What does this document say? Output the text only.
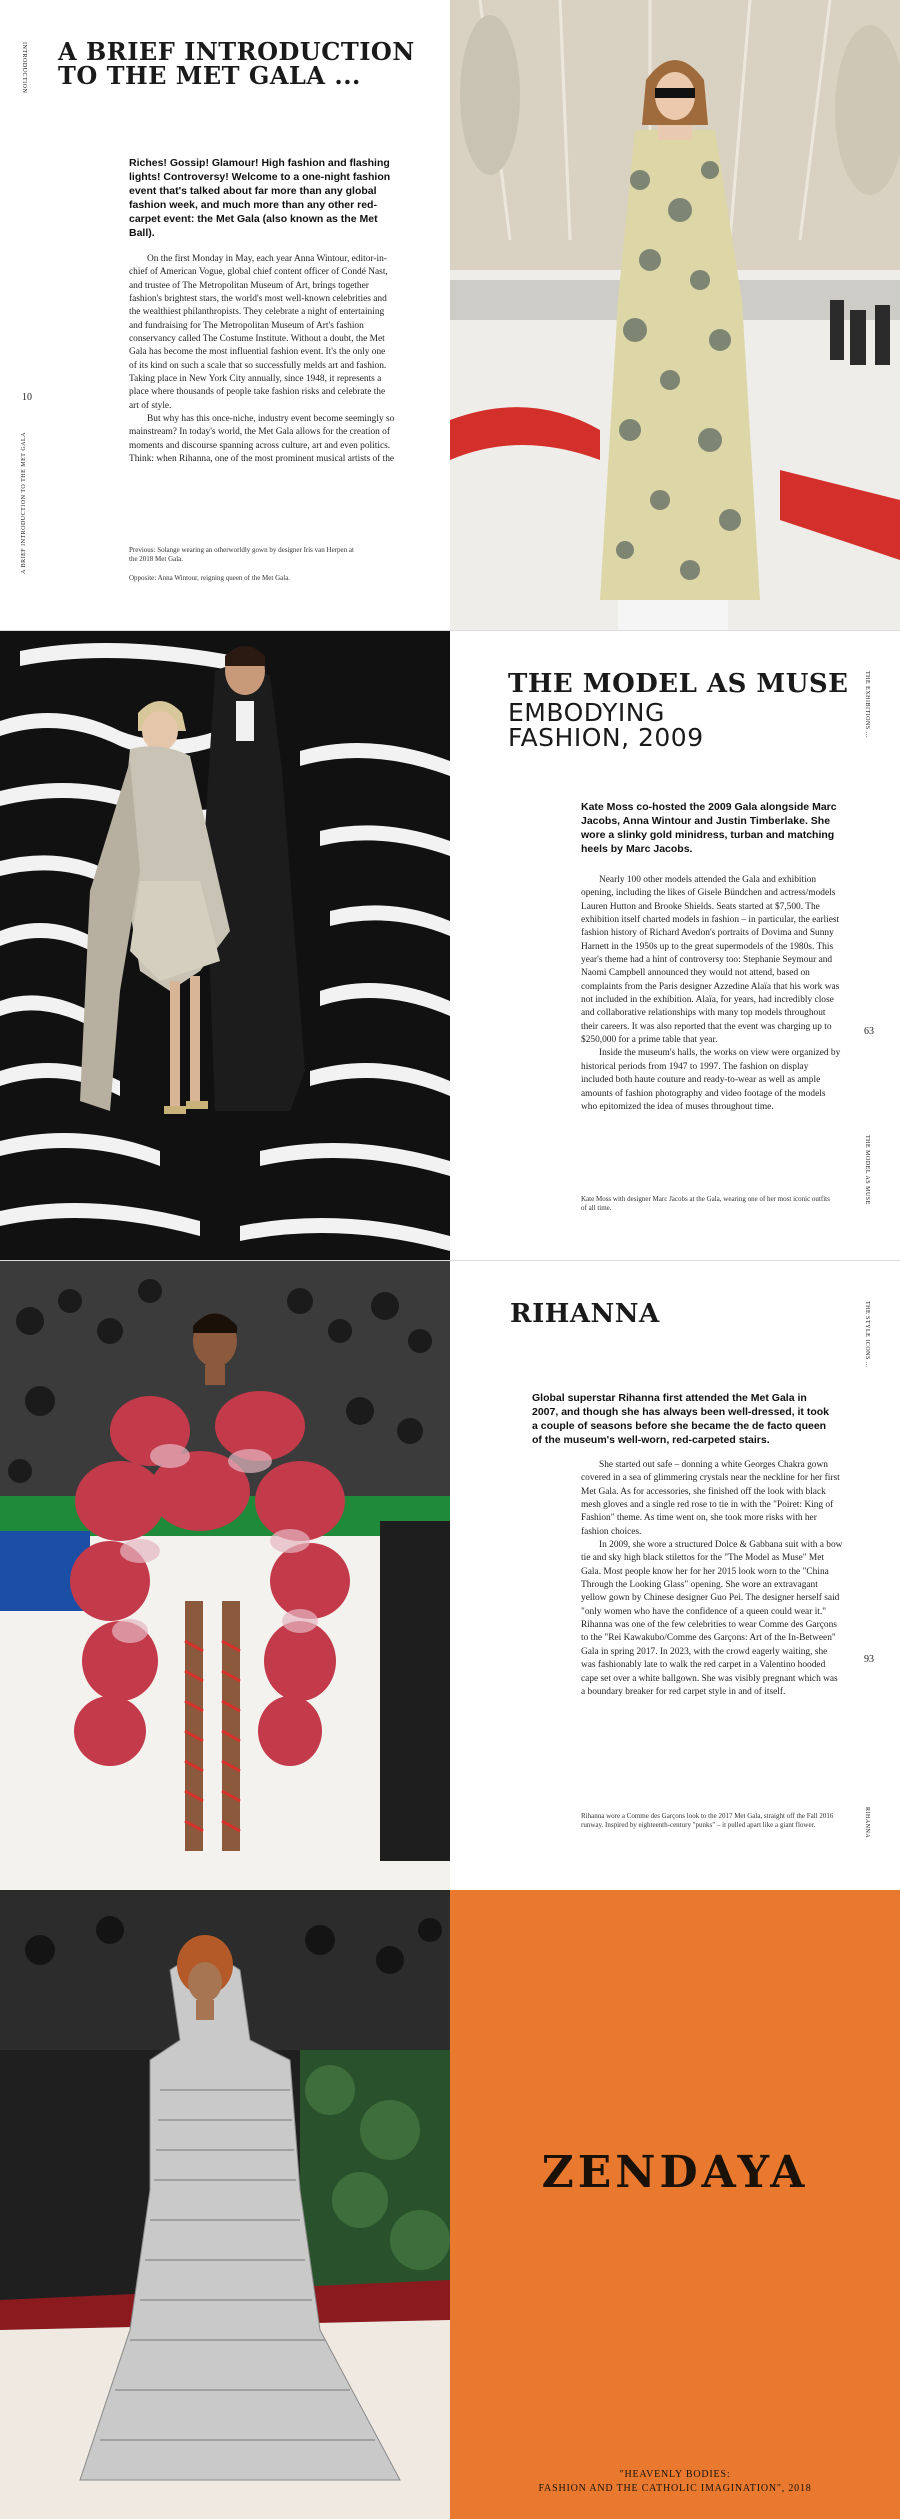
INTRODUCTION
A BRIEF INTRODUCTION TO THE MET GALA
10
A BRIEF INTRODUCTION
TO THE MET GALA ...
Riches! Gossip! Glamour! High fashion and flashing lights! Controversy! Welcome to a one-night fashion event that's talked about far more than any global fashion week, and much more than any other red-carpet event: the Met Gala (also known as the Met Ball).

On the first Monday in May, each year Anna Wintour, editor-in-chief of American Vogue, global chief content officer of Condé Nast, and trustee of The Metropolitan Museum of Art, brings together fashion's brightest stars, the world's most well-known celebrities and the wealthiest philanthropists. They celebrate a night of entertaining and fundraising for The Metropolitan Museum of Art's fashion conservancy called The Costume Institute. Without a doubt, the Met Gala has become the most influential fashion event. It's the only one of its kind on such a scale that so successfully melds art and fashion. Taking place in New York City annually, since 1948, it represents a place where thousands of people take fashion risks and celebrate the art of style.

But why has this once-niche, industry event become seemingly so mainstream? In today's world, the Met Gala allows for the creation of moments and discourse spanning across culture, art and even politics. Think: when Rihanna, one of the most prominent musical artists of the

Previous: Solange wearing an otherworldly gown by designer Iris van Herpen at the 2018 Met Gala.
Opposite: Anna Wintour, reigning queen of the Met Gala.
THE MODEL AS MUSE
EMBODYING
FASHION, 2009
Kate Moss co-hosted the 2009 Gala alongside Marc Jacobs, Anna Wintour and Justin Timberlake. She wore a slinky gold minidress, turban and matching heels by Marc Jacobs.

Nearly 100 other models attended the Gala and exhibition opening, including the likes of Gisele Bündchen and actress/models Lauren Hutton and Brooke Shields. Seats started at $7,500. The exhibition itself charted models in fashion – in particular, the earliest fashion history of Richard Avedon's portraits of Dovima and Sunny Harnett in the 1950s up to the great supermodels of the 1980s. This year's theme had a hint of controversy too: Stephanie Seymour and Naomi Campbell announced they would not attend, based on complaints from the Paris designer Azzedine Alaïa that his work was not included in the exhibition. Alaïa, for years, had incredibly close and collaborative relationships with many top models throughout their careers. It was also reported that the event was charging up to $250,000 for a prime table that year.

Inside the museum's halls, the works on view were organized by historical periods from 1947 to 1997. The fashion on display included both haute couture and ready-to-wear as well as ample amounts of fashion photography and video footage of the models who epitomized the idea of muses throughout time.

Kate Moss with designer Marc Jacobs at the Gala, wearing one of her most iconic outfits of all time.
THE EXHIBITIONS ...
63
THE MODEL AS MUSE
RIHANNA
Global superstar Rihanna first attended the Met Gala in 2007, and though she has always been well-dressed, it took a couple of seasons before she became the de facto queen of the museum's well-worn, red-carpeted stairs.

She started out safe – donning a white Georges Chakra gown covered in a sea of glimmering crystals near the neckline for her first Met Gala. As for accessories, she finished off the look with black mesh gloves and a single red rose to tie in with the "Poiret: King of Fashion" theme. As time went on, she took more risks with her fashion choices.

In 2009, she wore a structured Dolce & Gabbana suit with a bow tie and sky high black stilettos for the "The Model as Muse" Met Gala. Most people know her for her 2015 look worn to the "China Through the Looking Glass" opening. She wore an extravagant yellow gown by Chinese designer Guo Pei. The designer herself said "only women who have the confidence of a queen could wear it." Rihanna was one of the few celebrities to wear Comme des Garçons to the "Rei Kawakubo/Comme des Garçons: Art of the In-Between" Gala in spring 2017. In 2023, with the crowd eagerly waiting, she was fashionably late to walk the red carpet in a Valentino hooded cape set over a white ballgown. She was visibly pregnant which was a boundary breaker for red carpet style in and of itself.

Rihanna wore a Comme des Garçons look to the 2017 Met Gala, straight off the Fall 2016 runway. Inspired by eighteenth-century "punks" – it pulled apart like a giant flower.
THE STYLE ICONS ...
93
RIHANNA
ZENDAYA
"HEAVENLY BODIES:
FASHION AND THE CATHOLIC IMAGINATION", 2018
